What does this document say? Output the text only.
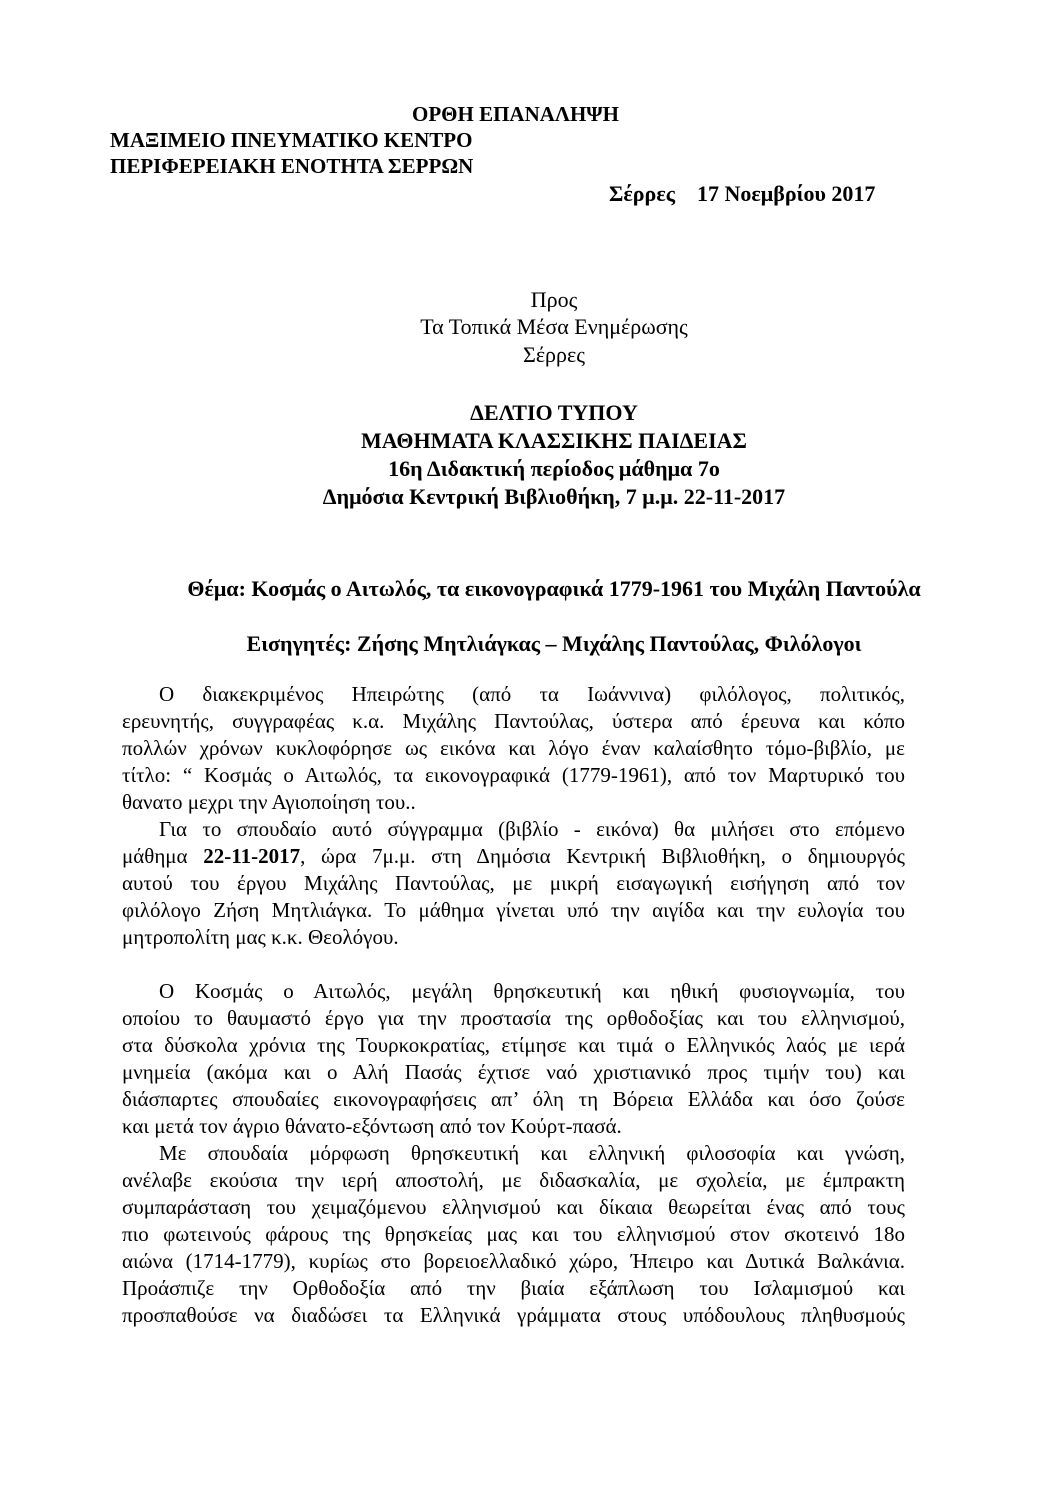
ΟΡΘΗ ΕΠΑΝΑΛΗΨΗ
ΜΑΞΙΜΕΙΟ ΠΝΕΥΜΑΤΙΚΟ ΚΕΝΤΡΟ
ΠΕΡΙΦΕΡΕΙΑΚΗ ΕΝΟΤΗΤΑ ΣΕΡΡΩΝ
Σέρρες 17 Νοεμβρίου 2017
Προς
Τα Τοπικά Μέσα Ενημέρωσης
Σέρρες
ΔΕΛΤΙΟ ΤΥΠΟΥ
ΜΑΘΗΜΑΤΑ ΚΛΑΣΣΙΚΗΣ ΠΑΙΔΕΙΑΣ
16η Διδακτική περίοδος μάθημα 7ο
Δημόσια Κεντρική Βιβλιοθήκη, 7 μ.μ. 22-11-2017
Θέμα: Κοσμάς ο Αιτωλός, τα εικονογραφικά 1779-1961 του Μιχάλη Παντούλα
Εισηγητές: Ζήσης Μητλιάγκας – Μιχάλης Παντούλας, Φιλόλογοι
Ο διακεκριμένος Ηπειρώτης (από τα Ιωάννινα) φιλόλογος, πολιτικός,
ερευνητής, συγγραφέας κ.α. Μιχάλης Παντούλας, ύστερα από έρευνα και κόπο
πολλών χρόνων κυκλοφόρησε ως εικόνα και λόγο έναν καλαίσθητο τόμο-βιβλίο, με
τίτλο: “ Κοσμάς ο Αιτωλός, τα εικονογραφικά (1779-1961), από τον Μαρτυρικό του
θανατο μεχρι την Αγιοποίηση του..
Για το σπουδαίο αυτό σύγγραμμα (βιβλίο - εικόνα) θα μιλήσει στο επόμενο
μάθημα 22-11-2017, ώρα 7μ.μ. στη Δημόσια Κεντρική Βιβλιοθήκη, ο δημιουργός
αυτού του έργου Μιχάλης Παντούλας, με μικρή εισαγωγική εισήγηση από τον
φιλόλογο Ζήση Μητλιάγκα. Το μάθημα γίνεται υπό την αιγίδα και την ευλογία του
μητροπολίτη μας κ.κ. Θεολόγου.
Ο Κοσμάς ο Αιτωλός, μεγάλη θρησκευτική και ηθική φυσιογνωμία, του
οποίου το θαυμαστό έργο για την προστασία της ορθοδοξίας και του ελληνισμού,
στα δύσκολα χρόνια της Τουρκοκρατίας, ετίμησε και τιμά ο Ελληνικός λαός με ιερά
μνημεία (ακόμα και ο Αλή Πασάς έχτισε ναό χριστιανικό προς τιμήν του) και
διάσπαρτες σπουδαίες εικονογραφήσεις απ’ όλη τη Βόρεια Ελλάδα και όσο ζούσε
και μετά τον άγριο θάνατο-εξόντωση από τον Κούρτ-πασά.
Με σπουδαία μόρφωση θρησκευτική και ελληνική φιλοσοφία και γνώση,
ανέλαβε εκούσια την ιερή αποστολή, με διδασκαλία, με σχολεία, με έμπρακτη
συμπαράσταση του χειμαζόμενου ελληνισμού και δίκαια θεωρείται ένας από τους
πιο φωτεινούς φάρους της θρησκείας μας και του ελληνισμού στον σκοτεινό 18ο
αιώνα (1714-1779), κυρίως στο βορειοελλαδικό χώρο, Ήπειρο και Δυτικά Βαλκάνια.
Προάσπιζε την Ορθοδοξία από την βιαία εξάπλωση του Ισλαμισμού και
προσπαθούσε να διαδώσει τα Ελληνικά γράμματα στους υπόδουλους πληθυσμούς
